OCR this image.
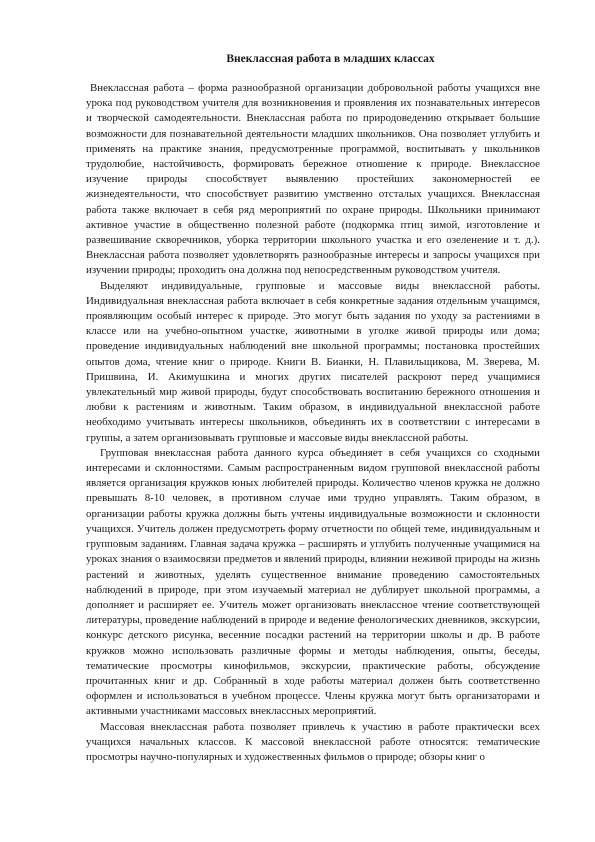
Внеклассная работа в младших классах

Внеклассная работа – форма разнообразной организации добровольной работы учащихся вне урока под руководством учителя для возникновения и проявления их познавательных интересов и творческой самодеятельности. Внеклассная работа по природоведению открывает большие возможности для познавательной деятельности младших школьников. Она позволяет углубить и применять на практике знания, предусмотренные программой, воспитывать у школьников трудолюбие, настойчивость, формировать бережное отношение к природе. Внеклассное изучение природы способствует выявлению простейших закономерностей ее жизнедеятельности, что способствует развитию умственно отсталых учащихся. Внеклассная работа также включает в себя ряд мероприятий по охране природы. Школьники принимают активное участие в общественно полезной работе (подкормка птиц зимой, изготовление и развешивание скворечников, уборка территории школьного участка и его озеленение и т. д.). Внеклассная работа позволяет удовлетворять разнообразные интересы и запросы учащихся при изучении природы; проходить она должна под непосредственным руководством учителя.

Выделяют индивидуальные, групповые и массовые виды внеклассной работы. Индивидуальная внеклассная работа включает в себя конкретные задания отдельным учащимся, проявляющим особый интерес к природе. Это могут быть задания по уходу за растениями в классе или на учебно-опытном участке, животными в уголке живой природы или дома; проведение индивидуальных наблюдений вне школьной программы; постановка простейших опытов дома, чтение книг о природе. Книги В. Бианки, Н. Плавильщикова, М. Зверева, М. Пришвина, И. Акимушкина и многих других писателей раскроют перед учащимися увлекательный мир живой природы, будут способствовать воспитанию бережного отношения и любви к растениям и животным. Таким образом, в индивидуальной внеклассной работе необходимо учитывать интересы школьников, объединять их в соответствии с интересами в группы, а затем организовывать групповые и массовые виды внеклассной работы.

Групповая внеклассная работа данного курса объединяет в себя учащихся со сходными интересами и склонностями. Самым распространенным видом групповой внеклассной работы является организация кружков юных любителей природы. Количество членов кружка не должно превышать 8-10 человек, в противном случае ими трудно управлять. Таким образом, в организации работы кружка должны быть учтены индивидуальные возможности и склонности учащихся. Учитель должен предусмотреть форму отчетности по общей теме, индивидуальным и групповым заданиям. Главная задача кружка – расширять и углубить полученные учащимися на уроках знания о взаимосвязи предметов и явлений природы, влиянии неживой природы на жизнь растений и животных, уделять существенное внимание проведению самостоятельных наблюдений в природе, при этом изучаемый материал не дублирует школьной программы, а дополняет и расширяет ее. Учитель может организовать внеклассное чтение соответствующей литературы, проведение наблюдений в природе и ведение фенологических дневников, экскурсии, конкурс детского рисунка, весенние посадки растений на территории школы и др. В работе кружков можно использовать различные формы и методы наблюдения, опыты, беседы, тематические просмотры кинофильмов, экскурсии, практические работы, обсуждение прочитанных книг и др. Собранный в ходе работы материал должен быть соответственно оформлен и использоваться в учебном процессе. Члены кружка могут быть организаторами и активными участниками массовых внеклассных мероприятий.

Массовая внеклассная работа позволяет привлечь к участию в работе практически всех учащихся начальных классов. К массовой внеклассной работе относятся: тематические просмотры научно-популярных и художественных фильмов о природе; обзоры книг о
